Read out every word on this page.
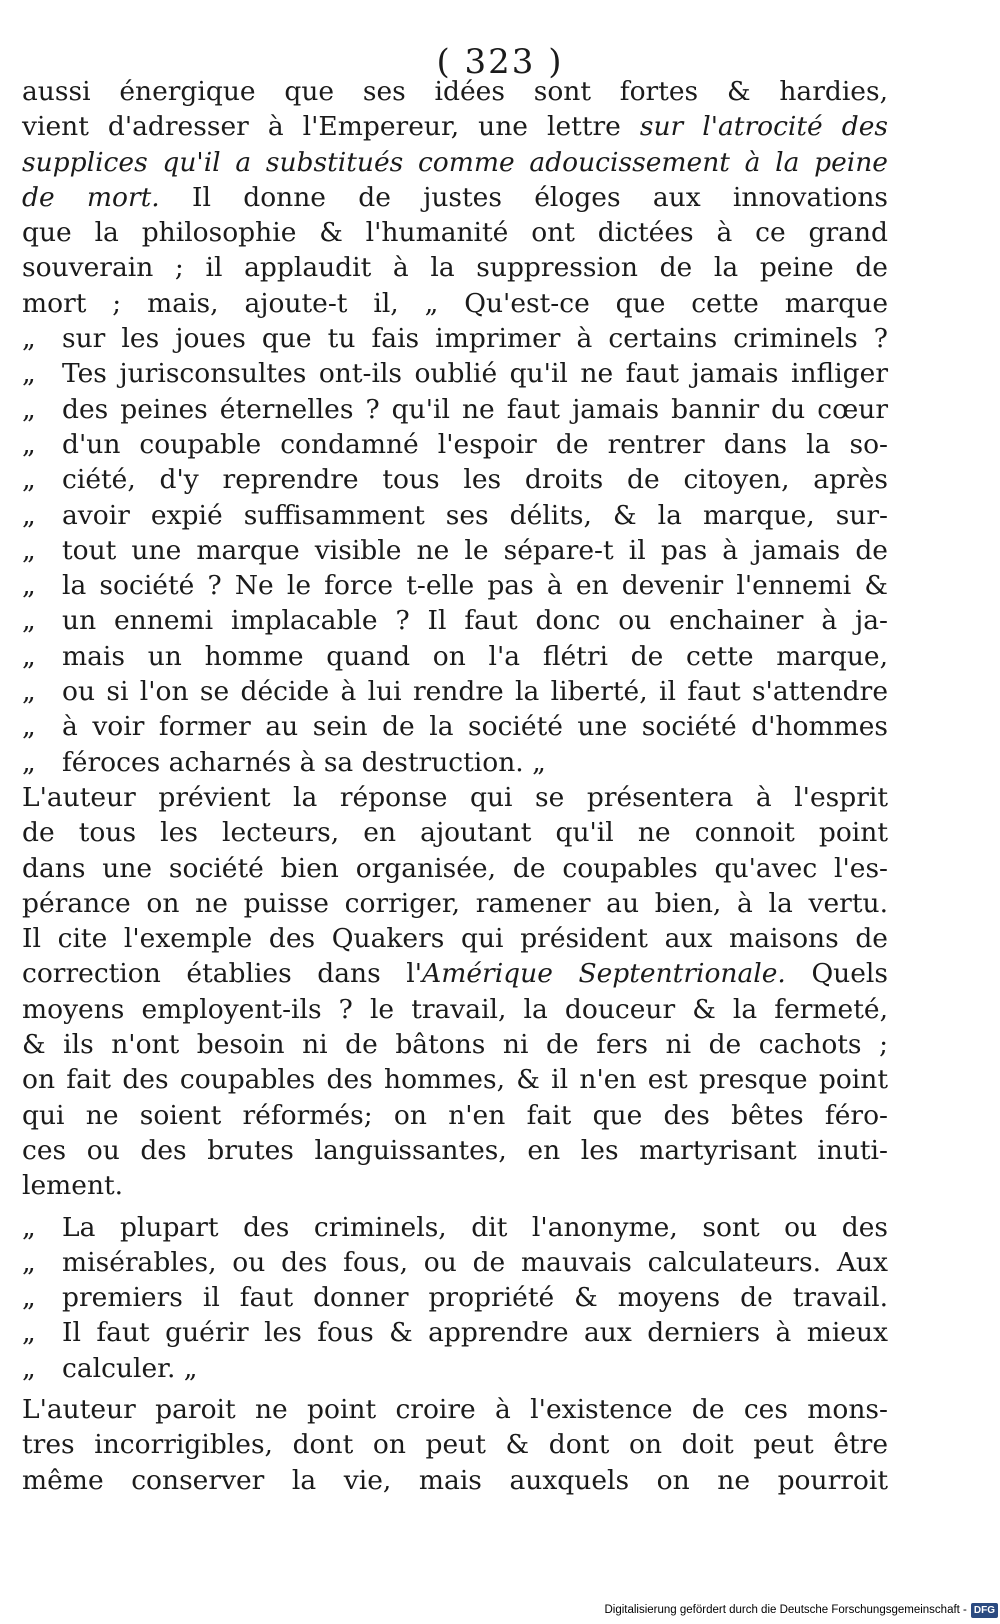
( 323 )
aussi énergique que ses idées sont fortes & hardies,
vient d'adresser à l'Empereur, une lettre sur l'atrocité des
supplices qu'il a substitués comme adoucissement à la peine
de mort. Il donne de justes éloges aux innovations
que la philosophie & l'humanité ont dictées à ce grand
souverain ; il applaudit à la suppression de la peine de
mort ; mais, ajoute-t il, „ Qu'est-ce que cette marque
„ sur les joues que tu fais imprimer à certains criminels ?
„ Tes jurisconsultes ont-ils oublié qu'il ne faut jamais infliger
„ des peines éternelles ? qu'il ne faut jamais bannir du cœur
„ d'un coupable condamné l'espoir de rentrer dans la so-
„ ciété, d'y reprendre tous les droits de citoyen, après
„ avoir expié suffisamment ses délits, & la marque, sur-
„ tout une marque visible ne le sépare-t il pas à jamais de
„ la société ? Ne le force t-elle pas à en devenir l'ennemi &
„ un ennemi implacable ? Il faut donc ou enchainer à ja-
„ mais un homme quand on l'a flétri de cette marque,
„ ou si l'on se décide à lui rendre la liberté, il faut s'attendre
„ à voir former au sein de la société une société d'hommes
„ féroces acharnés à sa destruction. „
L'auteur prévient la réponse qui se présentera à l'esprit
de tous les lecteurs, en ajoutant qu'il ne connoit point
dans une société bien organisée, de coupables qu'avec l'es-
pérance on ne puisse corriger, ramener au bien, à la vertu.
Il cite l'exemple des Quakers qui président aux maisons de
correction établies dans l'Amérique Septentrionale. Quels
moyens employent-ils ? le travail, la douceur & la fermeté,
& ils n'ont besoin ni de bâtons ni de fers ni de cachots ;
on fait des coupables des hommes, & il n'en est presque point
qui ne soient réformés; on n'en fait que des bêtes féro-
ces ou des brutes languissantes, en les martyrisant inuti-
lement.
„ La plupart des criminels, dit l'anonyme, sont ou des
„ misérables, ou des fous, ou de mauvais calculateurs. Aux
„ premiers il faut donner propriété & moyens de travail.
„ Il faut guérir les fous & apprendre aux derniers à mieux
„ calculer. „
L'auteur paroit ne point croire à l'existence de ces mons-
tres incorrigibles, dont on peut & dont on doit peut être
même conserver la vie, mais auxquels on ne pourroit
Digitalisierung gefördert durch die Deutsche Forschungsgemeinschaft - DFG
